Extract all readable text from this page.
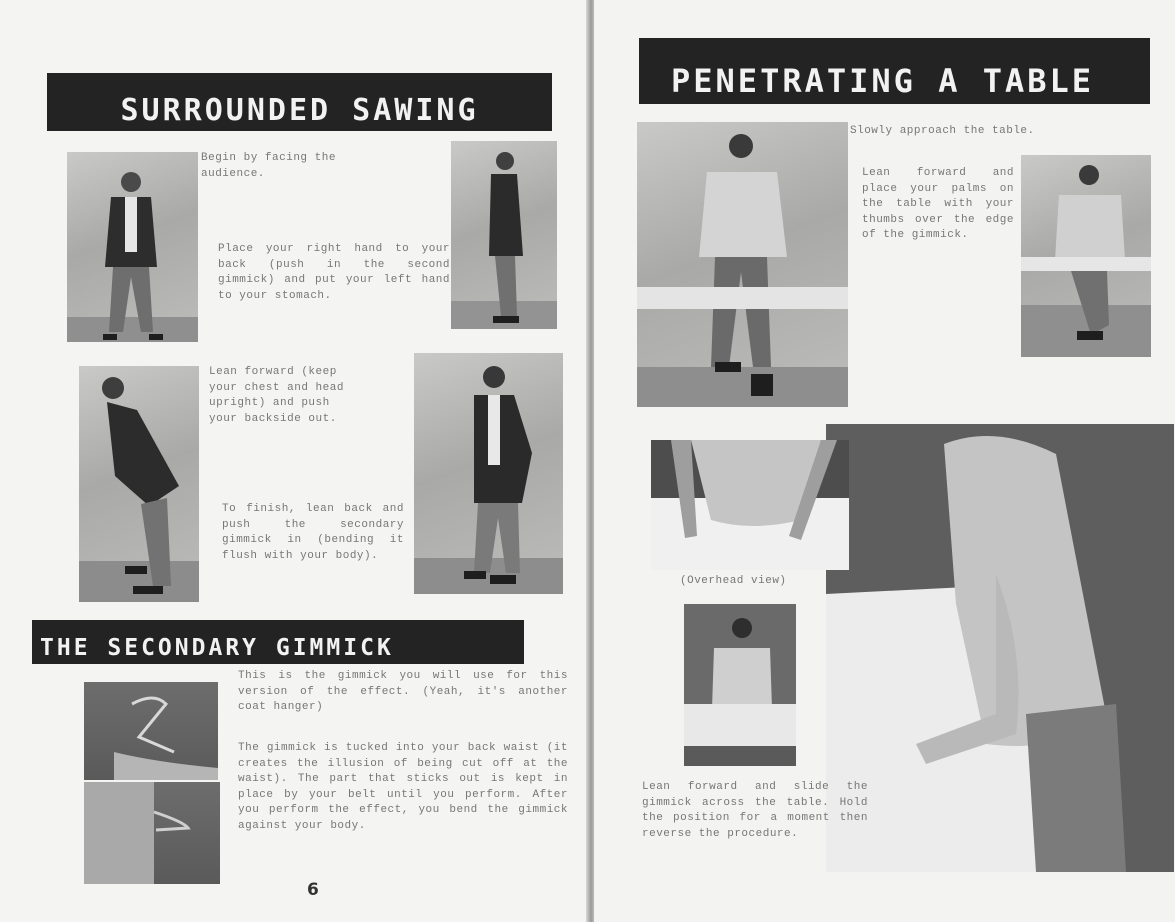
SURROUNDED SAWING

Begin by facing the audience.

Place your right hand to your back (push in the second gimmick) and put your left hand to your stomach.

Lean forward (keep your chest and head upright) and push your backside out.

To finish, lean back and push the secondary gimmick in (bending it flush with your body).

THE SECONDARY GIMMICK

This is the gimmick you will use for this version of the effect. (Yeah, it's another coat hanger)

The gimmick is tucked into your back waist (it creates the illusion of being cut off at the waist). The part that sticks out is kept in place by your belt until you perform. After you perform the effect, you bend the gimmick against your body.

6
PENETRATING A TABLE

Slowly approach the table.

Lean forward and place your palms on the table with your thumbs over the edge of the gimmick.

(Overhead view)

Lean forward and slide the gimmick across the table. Hold the position for a moment then reverse the procedure.
